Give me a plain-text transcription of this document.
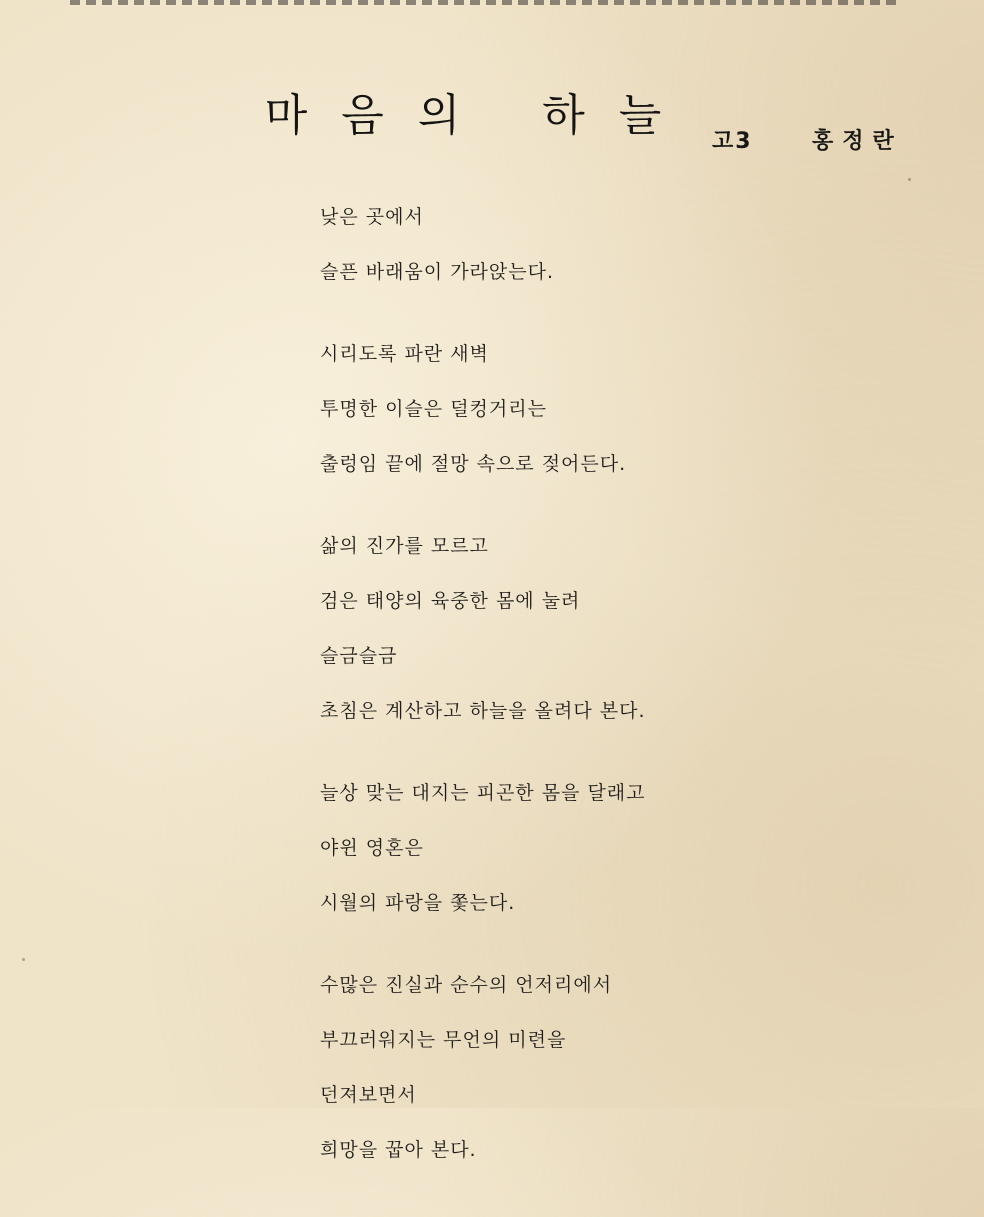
마음의 하늘
고3	홍정란
낮은 곳에서
슬픈 바래움이 가라앉는다.
시리도록 파란 새벽
투명한 이슬은 덜컹거리는
출렁임 끝에 절망 속으로 젖어든다.
삶의 진가를 모르고
검은 태양의 육중한 몸에 눌려
슬금슬금
초침은 계산하고 하늘을 올려다 본다.
늘상 맞는 대지는 피곤한 몸을 달래고
야윈 영혼은
시월의 파랑을 쫓는다.
수많은 진실과 순수의 언저리에서
부끄러워지는 무언의 미련을
던져보면서
희망을 꿉아 본다.
